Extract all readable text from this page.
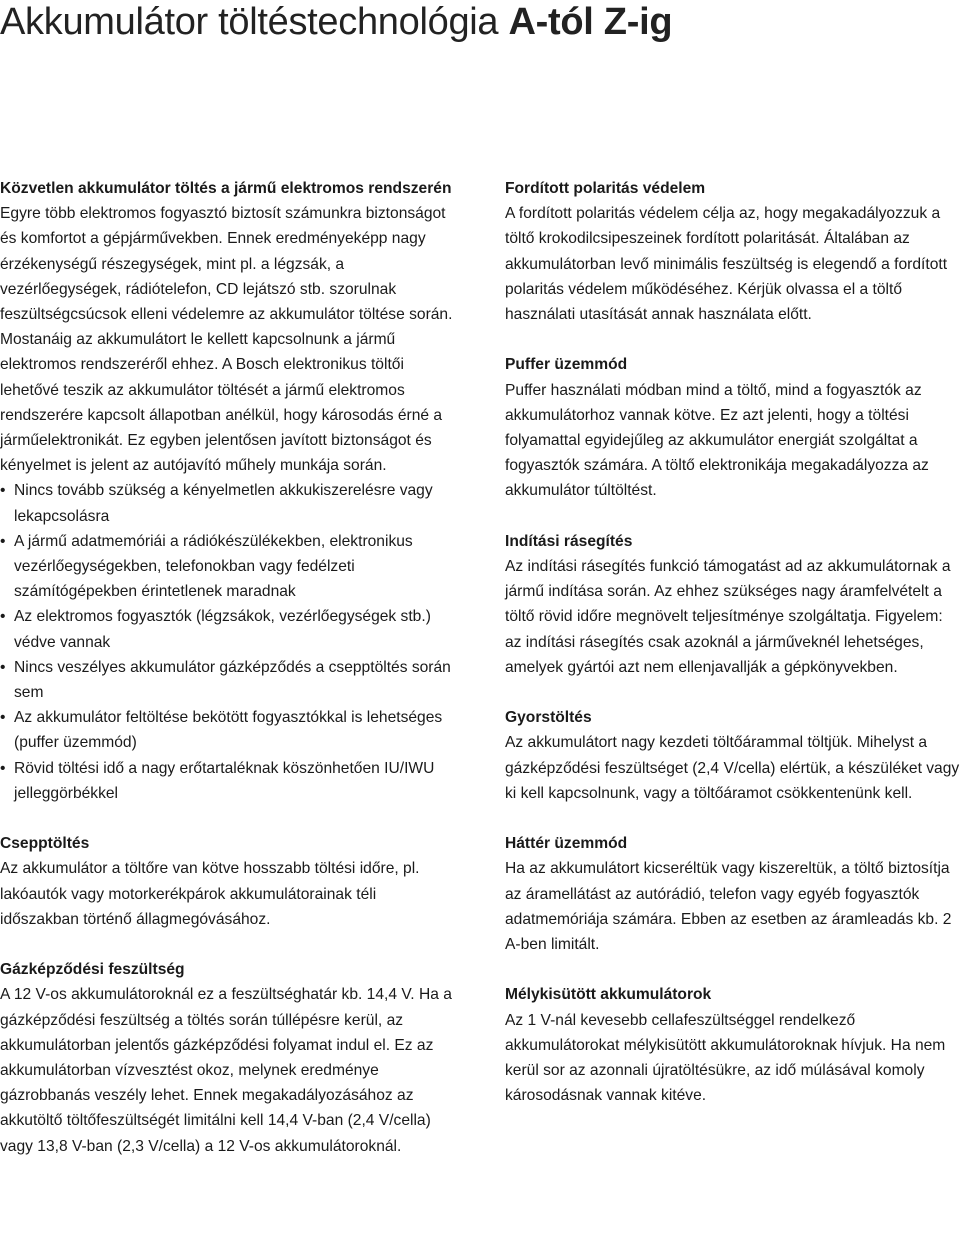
Akkumulátor töltéstechnológia A-tól Z-ig
Közvetlen akkumulátor töltés a jármű elektromos rendszerén

Egyre több elektromos fogyasztó biztosít számunkra biztonságot és komfortot a gépjárművekben. Ennek eredményeképp nagy érzékenységű részegységek, mint pl. a légzsák, a vezérlőegységek, rádiótelefon, CD lejátszó stb. szorulnak feszültségcsúcsok elleni védelemre az akkumulátor töltése során. Mostanáig az akkumulátort le kellett kapcsolnunk a jármű elektromos rendszeréről ehhez. A Bosch elektronikus töltői lehetővé teszik az akkumulátor töltését a jármű elektromos rendszerére kapcsolt állapotban anélkül, hogy károsodás érné a járműelektronikát. Ez egyben jelentősen javított biztonságot és kényelmet is jelent az autójavító műhely munkája során.

• Nincs tovább szükség a kényelmetlen akkukiszerelésre vagy lekapcsolásra
• A jármű adatmemóriái a rádiókészülékekben, elektronikus vezérlőegységekben, telefonokban vagy fedélzeti számítógépekben érintetlenek maradnak
• Az elektromos fogyasztók (légzsákok, vezérlőegységek stb.) védve vannak
• Nincs veszélyes akkumulátor gázképződés a csepptöltés során sem
• Az akkumulátor feltöltése bekötött fogyasztókkal is lehetséges (puffer üzemmód)
• Rövid töltési idő a nagy erőtartaléknak köszönhetően IU/IWU jelleggörbékkel
Csepptöltés

Az akkumulátor a töltőre van kötve hosszabb töltési időre, pl. lakóautók vagy motorkerékpárok akkumulátorainak téli időszakban történő állagmegóvásához.

Gázképződési feszültség

A 12 V-os akkumulátoroknál ez a feszültséghatár kb. 14,4 V. Ha a gázképződési feszültség a töltés során túllépésre kerül, az akkumulátorban jelentős gázképződési folyamat indul el. Ez az akkumulátorban vízvesztést okoz, melynek eredménye gázrobbanás veszély lehet. Ennek megakadályozásához az akkutöltő töltőfeszültségét limitálni kell 14,4 V-ban (2,4 V/cella) vagy 13,8 V-ban (2,3 V/cella) a 12 V-os akkumulátoroknál.

Fordított polaritás védelem

A fordított polaritás védelem célja az, hogy megakadályozzuk a töltő krokodilcsipeszeinek fordított polaritását. Általában az akkumulátorban levő minimális feszültség is elegendő a fordított polaritás védelem működéséhez. Kérjük olvassa el a töltő használati utasítását annak használata előtt.

Puffer üzemmód

Puffer használati módban mind a töltő, mind a fogyasztók az akkumulátorhoz vannak kötve. Ez azt jelenti, hogy a töltési folyamattal egyidejűleg az akkumulátor energiát szolgáltat a fogyasztók számára. A töltő elektronikája megakadályozza az akkumulátor túltöltést.

Indítási rásegítés

Az indítási rásegítés funkció támogatást ad az akkumulátornak a jármű indítása során. Az ehhez szükséges nagy áramfelvételt a töltő rövid időre megnövelt teljesítménye szolgáltatja. Figyelem: az indítási rásegítés csak azoknál a járműveknél lehetséges, amelyek gyártói azt nem ellenjavallják a gépkönyvekben.

Gyorstöltés

Az akkumulátort nagy kezdeti töltőárammal töltjük. Mihelyst a gázképződési feszültséget (2,4 V/cella) elértük, a készüléket vagy ki kell kapcsolnunk, vagy a töltőáramot csökkentenünk kell.

Háttér üzemmód

Ha az akkumulátort kicseréltük vagy kiszereltük, a töltő biztosítja az áramellátást az autórádió, telefon vagy egyéb fogyasztók adatmemóriája számára. Ebben az esetben az áramleadás kb. 2 A-ben limitált.

Mélykisütött akkumulátorok

Az 1 V-nál kevesebb cellafeszültséggel rendelkező akkumulátorokat mélykisütött akkumulátoroknak hívjuk. Ha nem kerül sor az azonnali újratöltésükre, az idő múlásával komoly károsodásnak vannak kitéve.
